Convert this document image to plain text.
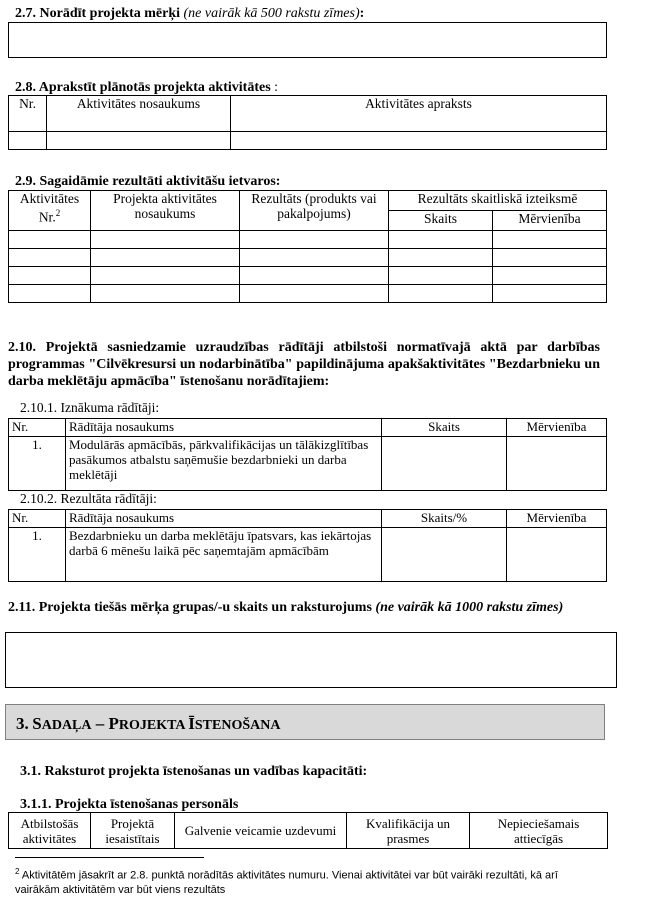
2.7. Norādīt projekta mērķi (ne vairāk kā 500 rakstu zīmes):
2.8. Aprakstīt plānotās projekta aktivitātes :
Nr.	Aktivitātes nosaukums	Aktivitātes apraksts

2.9. Sagaidāmie rezultāti aktivitāšu ietvaros:
Aktivitātes Nr.$^2$	Projekta aktivitātes nosaukums	Rezultāts (produkts vai pakalpojums)	Rezultāts skaitliskā izteiksmē	
			Skaits	Mērvienība

2.10. Projektā sasniedzamie uzraudzības rādītāji atbilstoši normatīvajā aktā par darbības programmas "Cilvēkresursi un nodarbinātība" papildinājuma apakšaktivitātes "Bezdarbnieku un darba meklētāju apmācība" īstenošanu norādītajiem:
2.10.1. Iznākuma rādītāji:
Nr.	Rādītāja nosaukums	Skaits	Mērvienība
1.	Modulārās apmācībās, pārkvalifikācijas un tālākizglītības pasākumos atbalstu saņēmušie bezdarbnieki un darba meklētāji		
2.10.2. Rezultāta rādītāji:
Nr.	Rādītāja nosaukums	Skaits/%	Mērvienība
1.	Bezdarbnieku un darba meklētāju īpatsvars, kas iekārtojas darbā 6 mēnešu laikā pēc saņemtajām apmācībām		
2.11. Projekta tiešās mērķa grupas/-u skaits un raksturojums (ne vairāk kā 1000 rakstu zīmes)
3. SADAĻA – PROJEKTA ĪSTENOŠANA
3.1. Raksturot projekta īstenošanas un vadības kapacitāti:
3.1.1. Projekta īstenošanas personāls
Atbilstošās aktivitātes	Projektā iesaistītais	Galvenie veicamie uzdevumi	Kvalifikācija un prasmes	Nepieciešamais attiecīgās
$^2$ Aktivitātēm jāsakrīt ar 2.8. punktā norādītās aktivitātes numuru. Vienai aktivitātei var būt vairāki rezultāti, kā arī vairākām aktivitātēm var būt viens rezultāts
